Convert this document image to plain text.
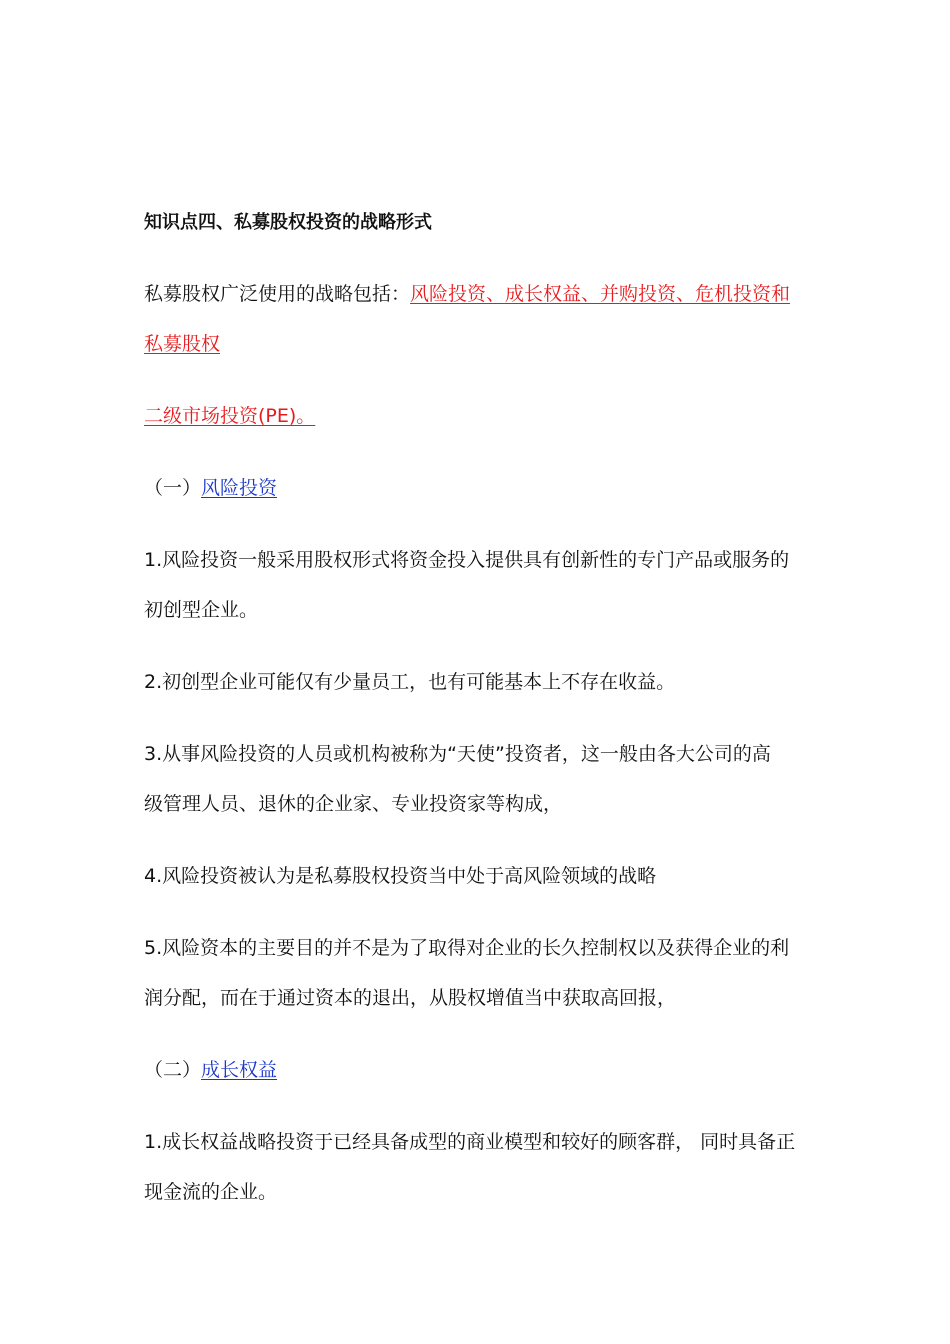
知识点四、私募股权投资的战略形式
私募股权广泛使用的战略包括：风险投资、成长权益、并购投资、危机投资和
私募股权
二级市场投资(PE)。
（一）风险投资
1.风险投资一般采用股权形式将资金投入提供具有创新性的专门产品或服务的
初创型企业。
2.初创型企业可能仅有少量员工，也有可能基本上不存在收益。
3.从事风险投资的人员或机构被称为“天使”投资者，这一般由各大公司的高
级管理人员、退休的企业家、专业投资家等构成，
4.风险投资被认为是私募股权投资当中处于高风险领域的战略
5.风险资本的主要目的并不是为了取得对企业的长久控制权以及获得企业的利
润分配，而在于通过资本的退出，从股权增值当中获取高回报，
（二）成长权益
1.成长权益战略投资于已经具备成型的商业模型和较好的顾客群， 同时具备正
现金流的企业。
